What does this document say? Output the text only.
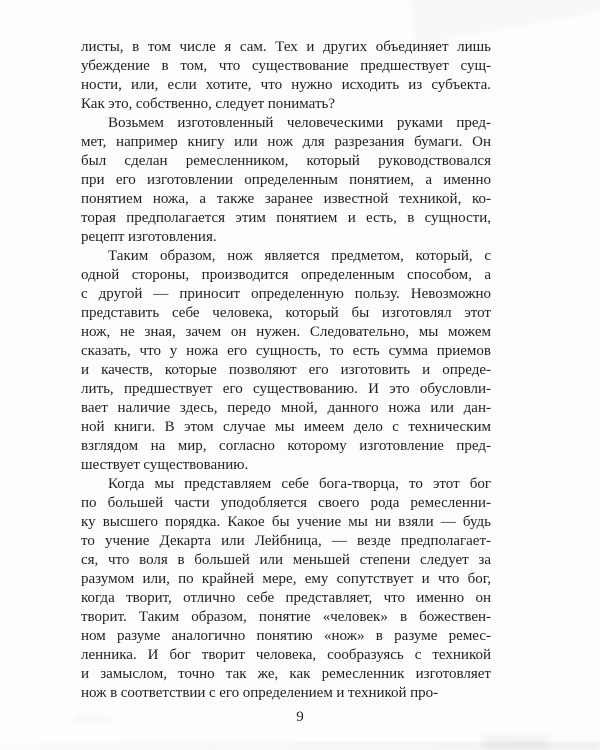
листы, в том числе я сам. Тех и других объединяет лишь
убеждение в том, что существование предшествует сущ-
ности, или, если хотите, что нужно исходить из субъекта.
Как это, собственно, следует понимать?
Возьмем изготовленный человеческими руками пред-
мет, например книгу или нож для разрезания бумаги. Он
был сделан ремесленником, который руководствовался
при его изготовлении определенным понятием, а именно
понятием ножа, а также заранее известной техникой, ко-
торая предполагается этим понятием и есть, в сущности,
рецепт изготовления.
Таким образом, нож является предметом, который, с
одной стороны, производится определенным способом, а
с другой — приносит определенную пользу. Невозможно
представить себе человека, который бы изготовлял этот
нож, не зная, зачем он нужен. Следовательно, мы можем
сказать, что у ножа его сущность, то есть сумма приемов
и качеств, которые позволяют его изготовить и опреде-
лить, предшествует его существованию. И это обусловли-
вает наличие здесь, передо мной, данного ножа или дан-
ной книги. В этом случае мы имеем дело с техническим
взглядом на мир, согласно которому изготовление пред-
шествует существованию.
Когда мы представляем себе бога-творца, то этот бог
по большей части уподобляется своего рода ремесленни-
ку высшего порядка. Какое бы учение мы ни взяли — будь
то учение Декарта или Лейбница, — везде предполагает-
ся, что воля в большей или меньшей степени следует за
разумом или, по крайней мере, ему сопутствует и что бог,
когда творит, отлично себе представляет, что именно он
творит. Таким образом, понятие «человек» в божествен-
ном разуме аналогично понятию «нож» в разуме ремес-
ленника. И бог творит человека, сообразуясь с техникой
и замыслом, точно так же, как ремесленник изготовляет
нож в соответствии с его определением и техникой про-
9
